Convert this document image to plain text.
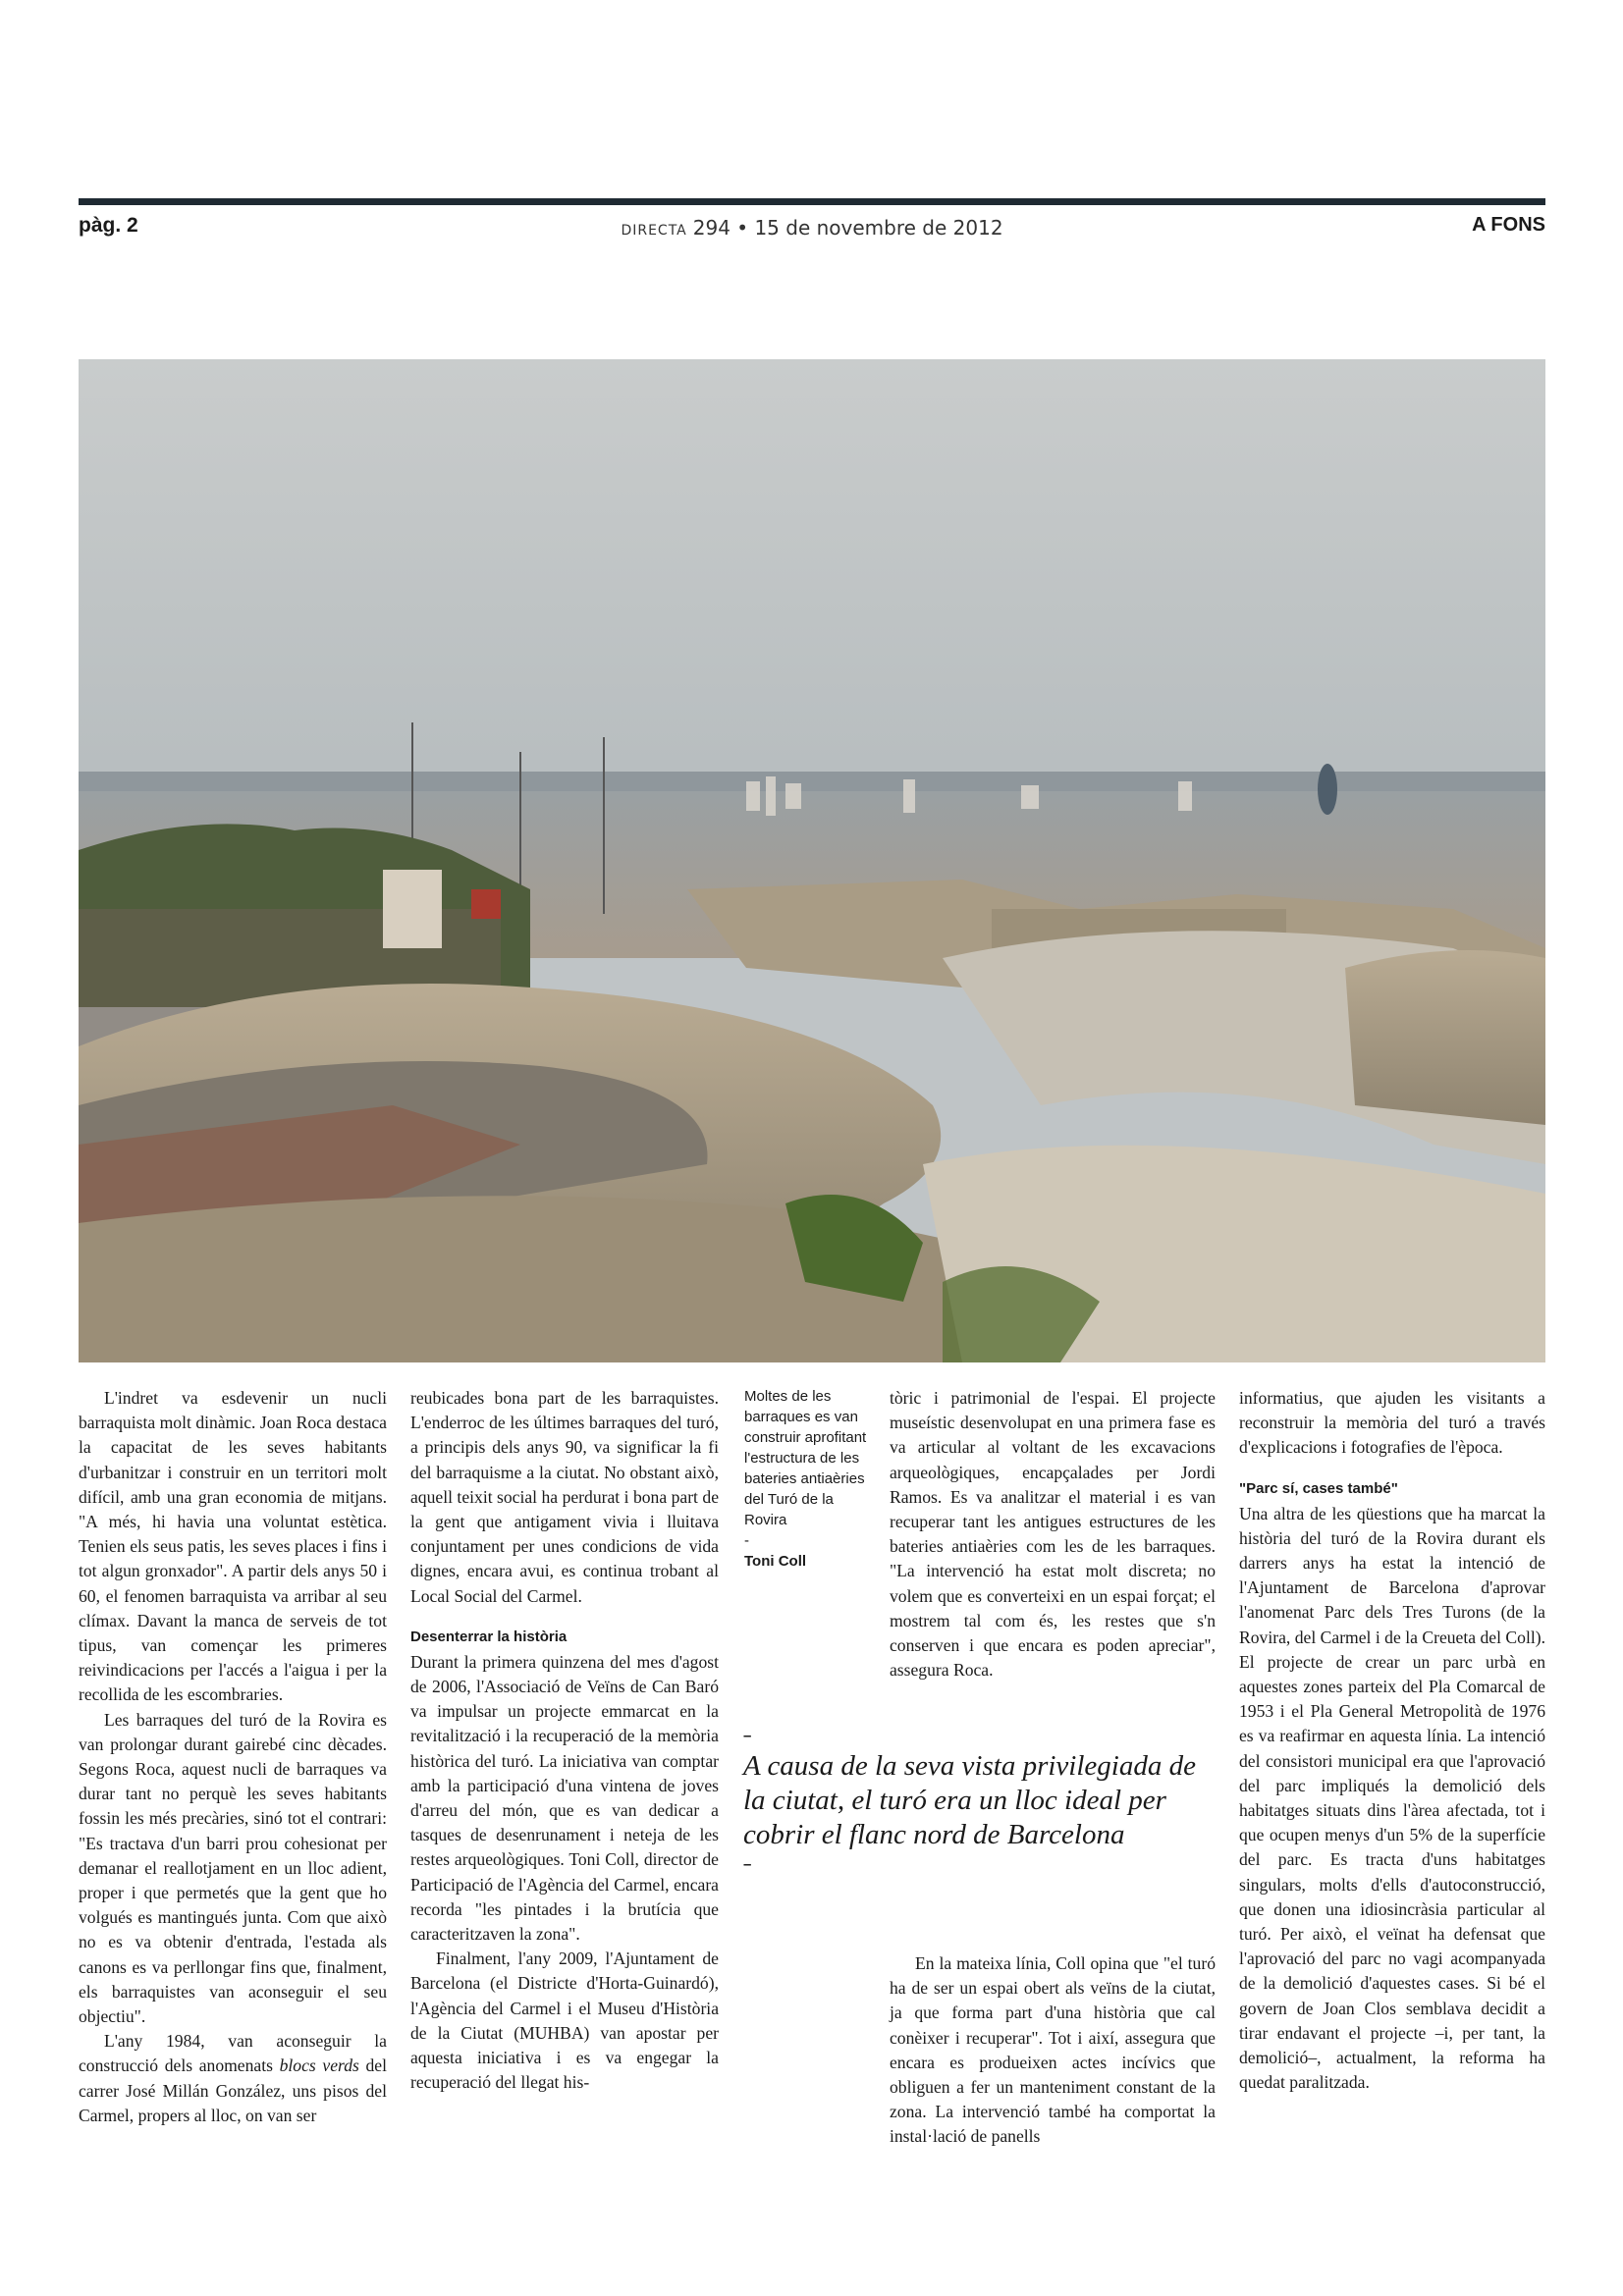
pàg. 2	DIRECTA 294 • 15 de novembre de 2012	A FONS

L'indret va esdevenir un nucli barraquista molt dinàmic. Joan Roca destaca la capacitat de les seves habitants d'urbanitzar i construir en un territori molt difícil, amb una gran economia de mitjans. "A més, hi havia una voluntat estètica. Tenien els seus patis, les seves places i fins i tot algun gronxador". A partir dels anys 50 i 60, el fenomen barraquista va arribar al seu clímax. Davant la manca de serveis de tot tipus, van començar les primeres reivindicacions per l'accés a l'aigua i per la recollida de les escombraries.

Les barraques del turó de la Rovira es van prolongar durant gairebé cinc dècades. Segons Roca, aquest nucli de barraques va durar tant no perquè les seves habitants fossin les més precàries, sinó tot el contrari: "Es tractava d'un barri prou cohesionat per demanar el reallotjament en un lloc adient, proper i que permetés que la gent que ho volgués es mantingués junta. Com que això no es va obtenir d'entrada, l'estada als canons es va perllongar fins que, finalment, els barraquistes van aconseguir el seu objectiu".

L'any 1984, van aconseguir la construcció dels anomenats blocs verds del carrer José Millán González, uns pisos del Carmel, propers al lloc, on van ser

reubicades bona part de les barraquistes. L'enderroc de les últimes barraques del turó, a principis dels anys 90, va significar la fi del barraquisme a la ciutat. No obstant això, aquell teixit social ha perdurat i bona part de la gent que antigament vivia i lluitava conjuntament per unes condicions de vida dignes, encara avui, es continua trobant al Local Social del Carmel.

Desenterrar la història

Durant la primera quinzena del mes d'agost de 2006, l'Associació de Veïns de Can Baró va impulsar un projecte emmarcat en la revitalització i la recuperació de la memòria històrica del turó. La iniciativa van comptar amb la participació d'una vintena de joves d'arreu del món, que es van dedicar a tasques de desenrunament i neteja de les restes arqueològiques. Toni Coll, director de Participació de l'Agència del Carmel, encara recorda "les pintades i la brutícia que caracteritzaven la zona".

Finalment, l'any 2009, l'Ajuntament de Barcelona (el Districte d'Horta-Guinardó), l'Agència del Carmel i el Museu d'Història de la Ciutat (MUHBA) van apostar per aquesta iniciativa i es va engegar la recuperació del llegat his-

Moltes de les barraques es van construir aprofitant l'estructura de les bateries antiaèries del Turó de la Rovira
-
Toni Coll

tòric i patrimonial de l'espai. El projecte museístic desenvolupat en una primera fase es va articular al voltant de les excavacions arqueològiques, encapçalades per Jordi Ramos. Es va analitzar el material i es van recuperar tant les antigues estructures de les bateries antiaèries com les de les barraques. "La intervenció ha estat molt discreta; no volem que es converteixi en un espai forçat; el mostrem tal com és, les restes que s'n conserven i que encara es poden apreciar", assegura Roca.

–
A causa de la seva vista privilegiada de la ciutat, el turó era un lloc ideal per cobrir el flanc nord de Barcelona
–

En la mateixa línia, Coll opina que "el turó ha de ser un espai obert als veïns de la ciutat, ja que forma part d'una història que cal conèixer i recuperar". Tot i així, assegura que encara es produeixen actes incívics que obliguen a fer un manteniment constant de la zona. La intervenció també ha comportat la instal·lació de panells

informatius, que ajuden les visitants a reconstruir la memòria del turó a través d'explicacions i fotografies de l'època.

"Parc sí, cases també"

Una altra de les qüestions que ha marcat la història del turó de la Rovira durant els darrers anys ha estat la intenció de l'Ajuntament de Barcelona d'aprovar l'anomenat Parc dels Tres Turons (de la Rovira, del Carmel i de la Creueta del Coll). El projecte de crear un parc urbà en aquestes zones parteix del Pla Comarcal de 1953 i el Pla General Metropolità de 1976 es va reafirmar en aquesta línia. La intenció del consistori municipal era que l'aprovació del parc impliqués la demolició dels habitatges situats dins l'àrea afectada, tot i que ocupen menys d'un 5% de la superfície del parc. Es tracta d'uns habitatges singulars, molts d'ells d'autoconstrucció, que donen una idiosincràsia particular al turó. Per això, el veïnat ha defensat que l'aprovació del parc no vagi acompanyada de la demolició d'aquestes cases. Si bé el govern de Joan Clos semblava decidit a tirar endavant el projecte –i, per tant, la demolició–, actualment, la reforma ha quedat paralitzada.
